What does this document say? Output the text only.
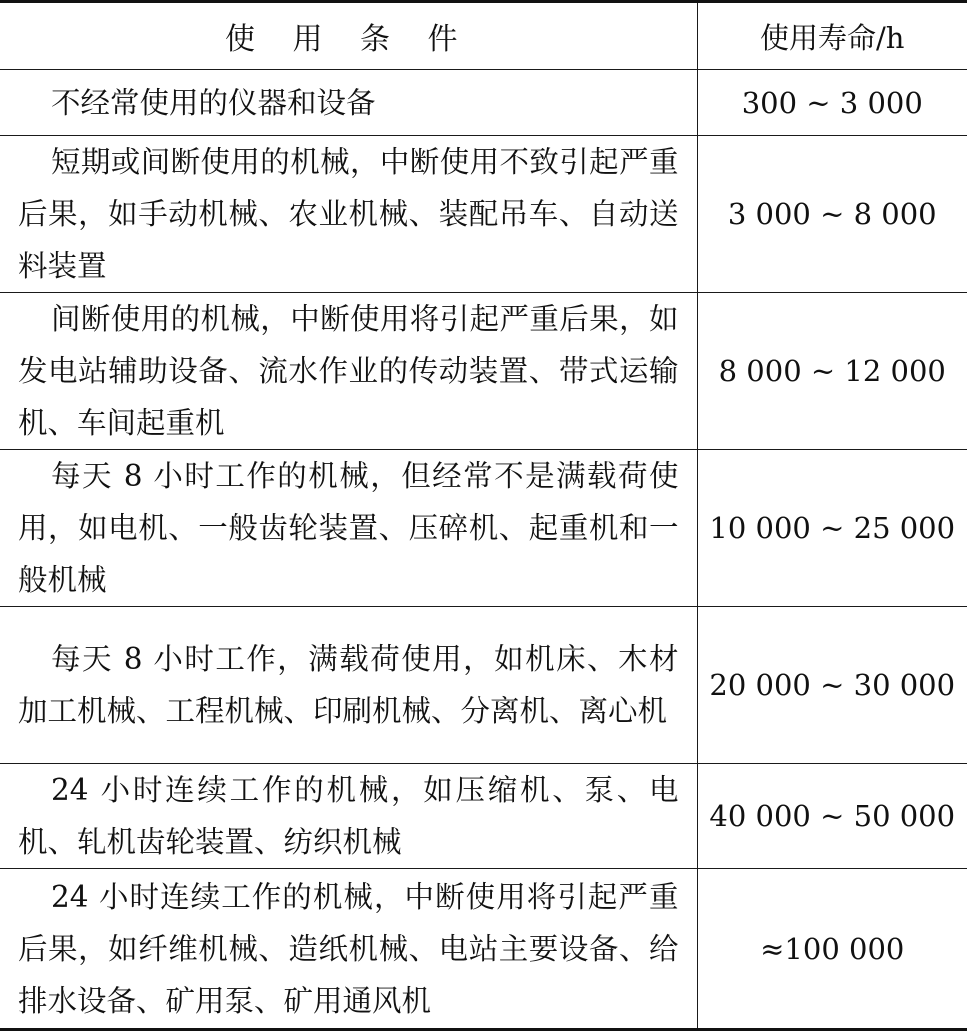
使 用 条 件	使用寿命/h
不经常使用的仪器和设备	300 ~ 3 000
短期或间断使用的机械，中断使用不致引起严重后果，如手动机械、农业机械、装配吊车、自动送料装置	3 000 ~ 8 000
间断使用的机械，中断使用将引起严重后果，如发电站辅助设备、流水作业的传动装置、带式运输机、车间起重机	8 000 ~ 12 000
每天 8 小时工作的机械，但经常不是满载荷使用，如电机、一般齿轮装置、压碎机、起重机和一般机械	10 000 ~ 25 000
每天 8 小时工作，满载荷使用，如机床、木材加工机械、工程机械、印刷机械、分离机、离心机	20 000 ~ 30 000
24 小时连续工作的机械，如压缩机、泵、电机、轧机齿轮装置、纺织机械	40 000 ~ 50 000
24 小时连续工作的机械，中断使用将引起严重后果，如纤维机械、造纸机械、电站主要设备、给排水设备、矿用泵、矿用通风机	≈100 000
